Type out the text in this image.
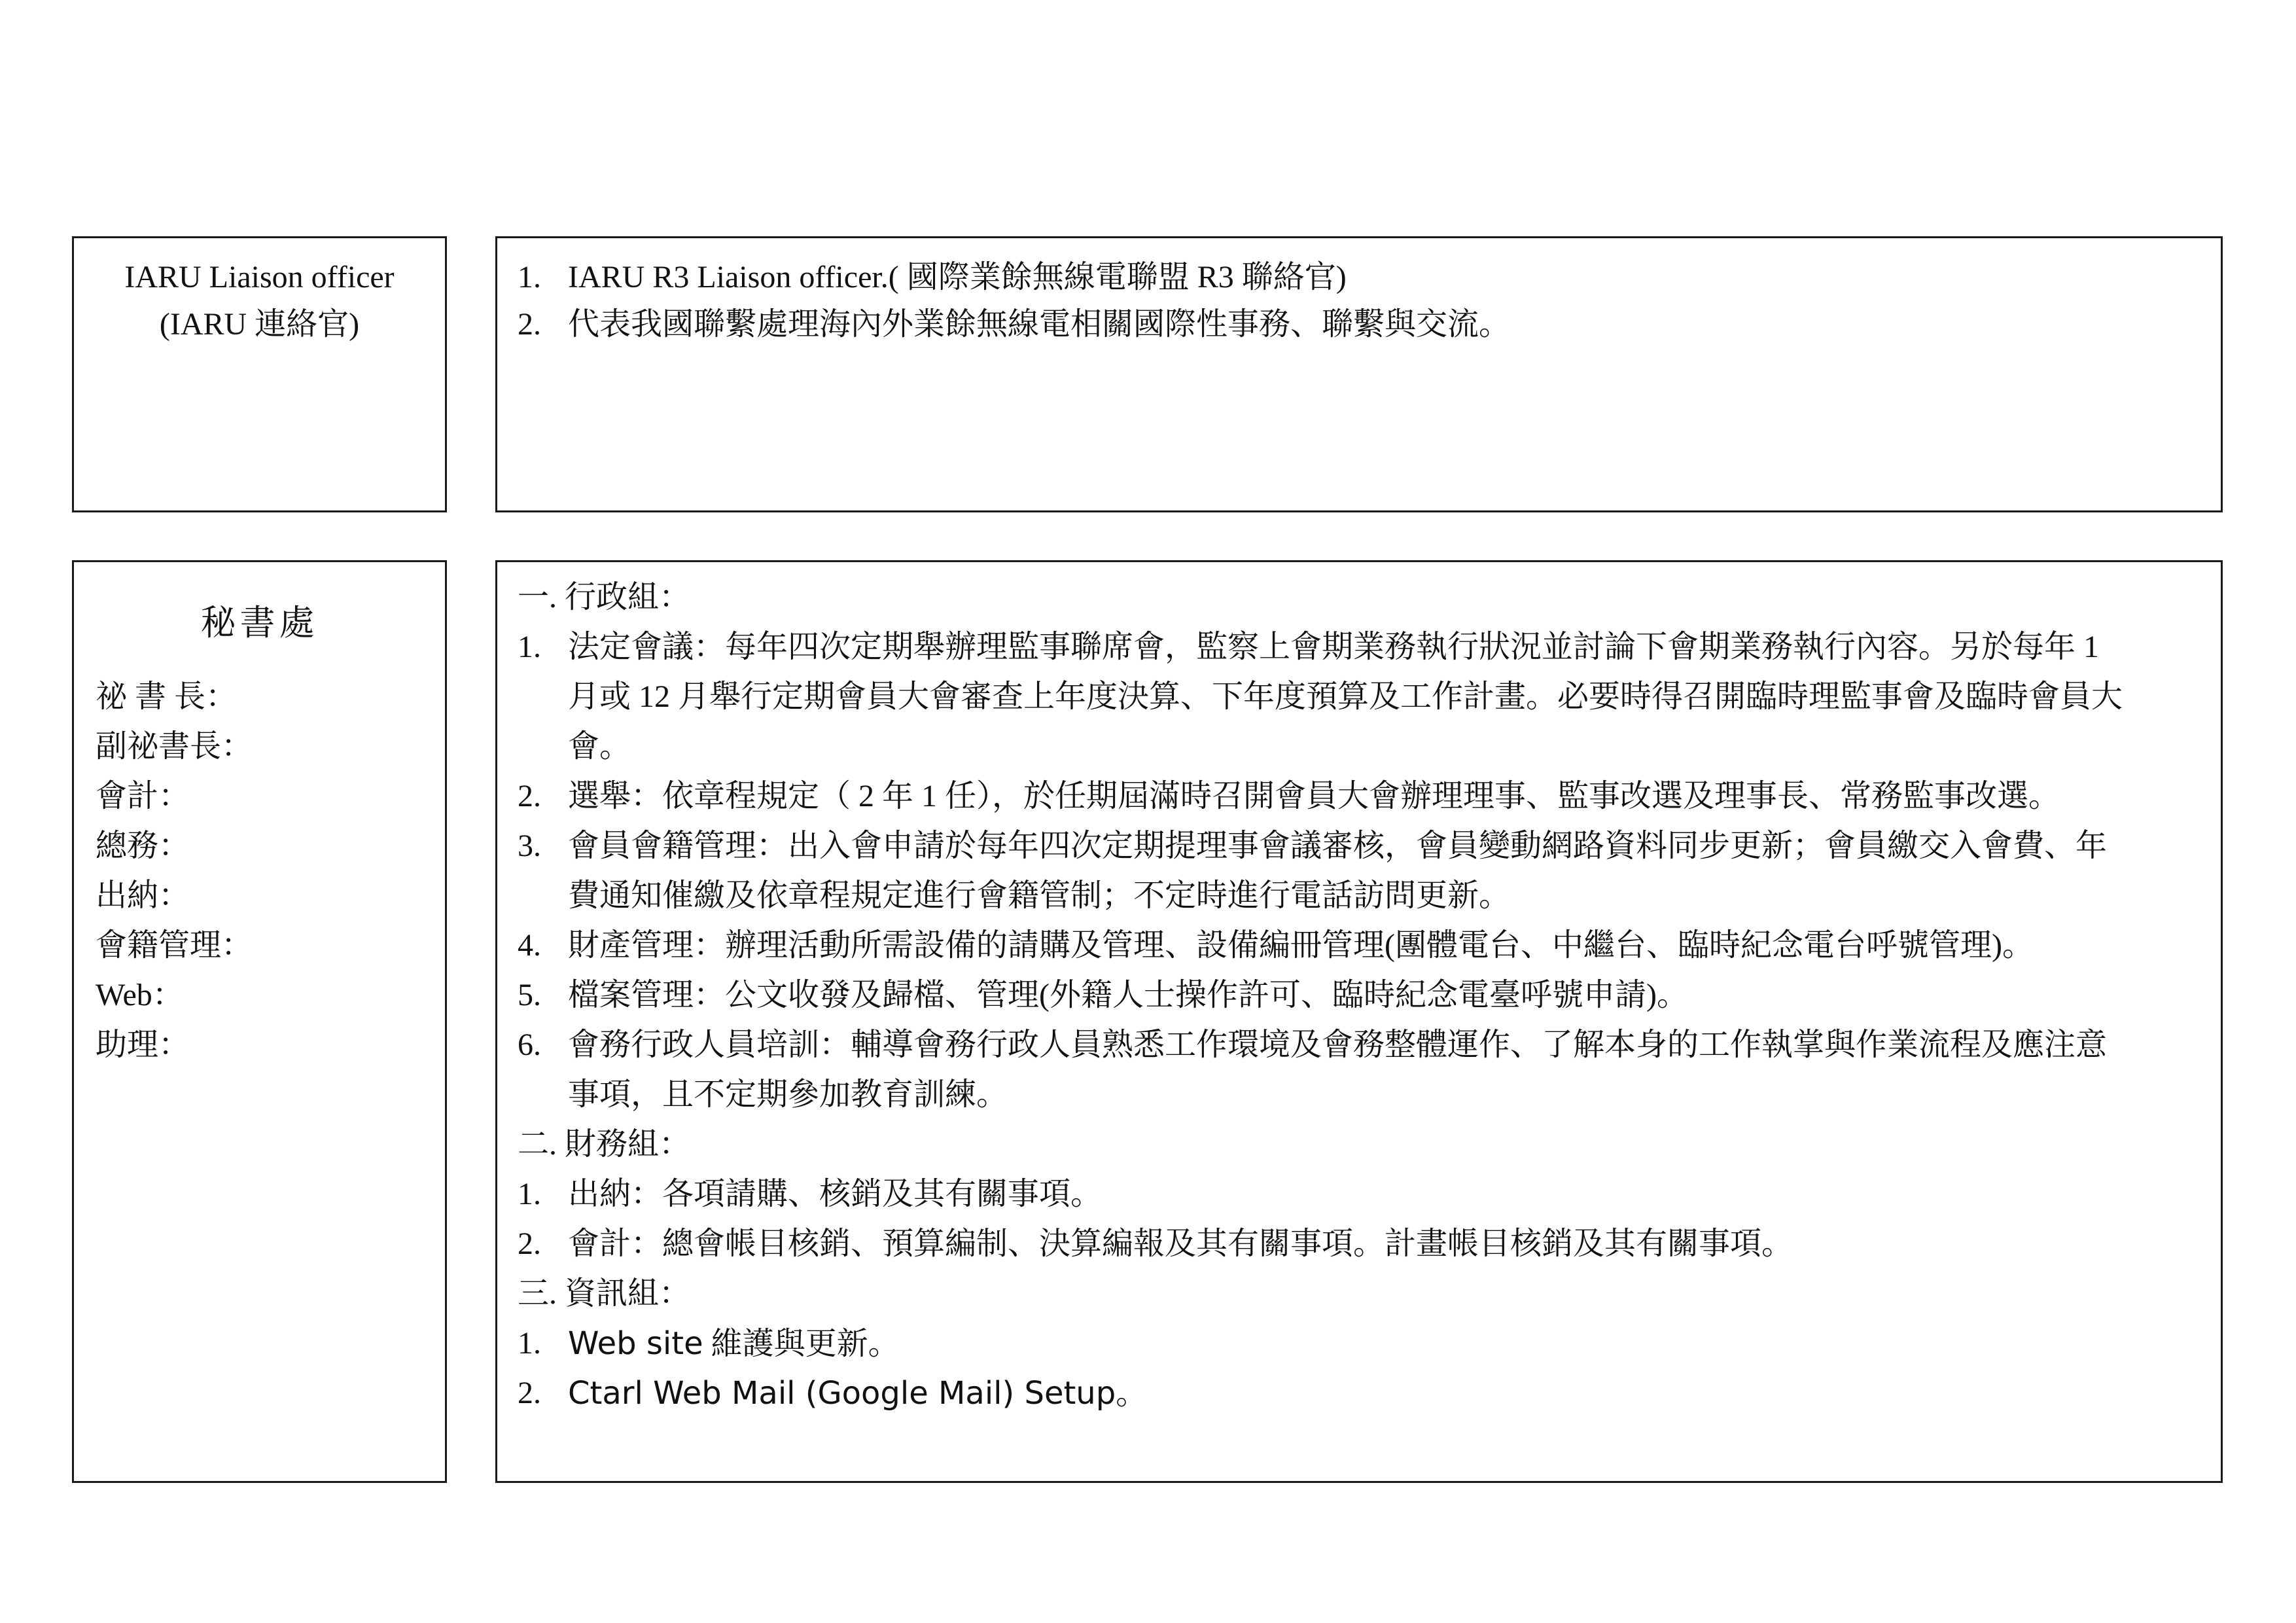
IARU Liaison officer
(IARU 連絡官)
1. IARU R3 Liaison officer.( 國際業餘無線電聯盟 R3 聯絡官)
2. 代表我國聯繫處理海內外業餘無線電相關國際性事務、聯繫與交流。
秘書處
祕 書 長：
副祕書長：
會計：
總務：
出納：
會籍管理：
Web：
助理：
一. 行政組：
1. 法定會議：每年四次定期舉辦理監事聯席會，監察上會期業務執行狀況並討論下會期業務執行內容。另於每年 1
月或 12 月舉行定期會員大會審查上年度決算、下年度預算及工作計畫。必要時得召開臨時理監事會及臨時會員大
會。
2. 選舉：依章程規定（ 2 年 1 任），於任期屆滿時召開會員大會辦理理事、監事改選及理事長、常務監事改選。
3. 會員會籍管理：出入會申請於每年四次定期提理事會議審核，會員變動網路資料同步更新；會員繳交入會費、年
費通知催繳及依章程規定進行會籍管制；不定時進行電話訪問更新。
4. 財產管理：辦理活動所需設備的請購及管理、設備編冊管理(團體電台、中繼台、臨時紀念電台呼號管理)。
5. 檔案管理：公文收發及歸檔、管理(外籍人士操作許可、臨時紀念電臺呼號申請)。
6. 會務行政人員培訓：輔導會務行政人員熟悉工作環境及會務整體運作、了解本身的工作執掌與作業流程及應注意
事項，且不定期參加教育訓練。
二. 財務組：
1. 出納：各項請購、核銷及其有關事項。
2. 會計：總會帳目核銷、預算編制、決算編報及其有關事項。計畫帳目核銷及其有關事項。
三. 資訊組：
1. Web site 維護與更新。
2. Ctarl Web Mail (Google Mail) Setup。
